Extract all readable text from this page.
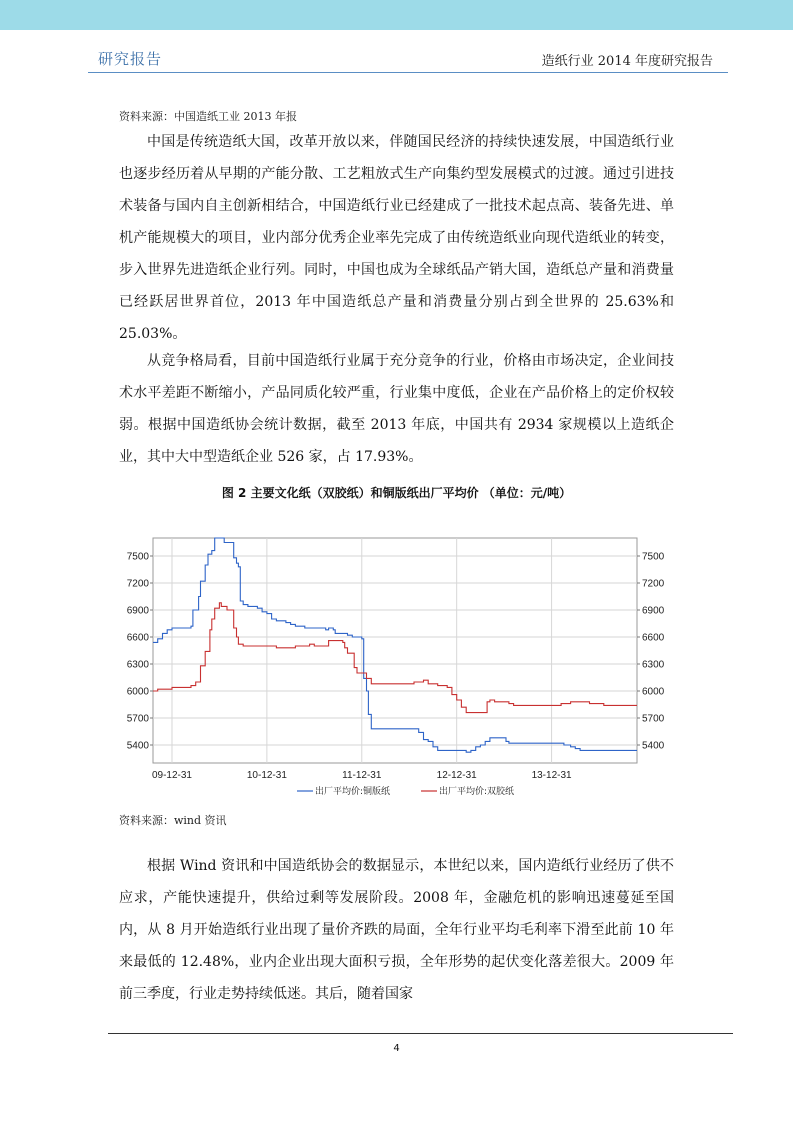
研究报告	造纸行业 2014 年度研究报告
资料来源：中国造纸工业 2013 年报

中国是传统造纸大国，改革开放以来，伴随国民经济的持续快速发展，中国造纸行业也逐步经历着从早期的产能分散、工艺粗放式生产向集约型发展模式的过渡。通过引进技术装备与国内自主创新相结合，中国造纸行业已经建成了一批技术起点高、装备先进、单机产能规模大的项目，业内部分优秀企业率先完成了由传统造纸业向现代造纸业的转变，步入世界先进造纸企业行列。同时，中国也成为全球纸品产销大国，造纸总产量和消费量已经跃居世界首位，2013 年中国造纸总产量和消费量分别占到全世界的 25.63%和 25.03%。

从竞争格局看，目前中国造纸行业属于充分竞争的行业，价格由市场决定，企业间技术水平差距不断缩小，产品同质化较严重，行业集中度低，企业在产品价格上的定价权较弱。根据中国造纸协会统计数据，截至 2013 年底，中国共有 2934 家规模以上造纸企业，其中大中型造纸企业 526 家，占 17.93%。

图 2 主要文化纸（双胶纸）和铜版纸出厂平均价 （单位：元/吨）
09-12-31	10-12-31	11-12-31	12-12-31	13-12-31
7500	7500
7200	7200
6900	6900
6600	6600
6300	6300
6000	6000
5700	5700
5400	5400
出厂平均价:铜版纸	出厂平均价:双胶纸
资料来源：wind 资讯

根据 Wind 资讯和中国造纸协会的数据显示，本世纪以来，国内造纸行业经历了供不应求，产能快速提升，供给过剩等发展阶段。2008 年，金融危机的影响迅速蔓延至国内，从 8 月开始造纸行业出现了量价齐跌的局面，全年行业平均毛利率下滑至此前 10 年来最低的 12.48%，业内企业出现大面积亏损，全年形势的起伏变化落差很大。2009 年前三季度，行业走势持续低迷。其后，随着国家

4
